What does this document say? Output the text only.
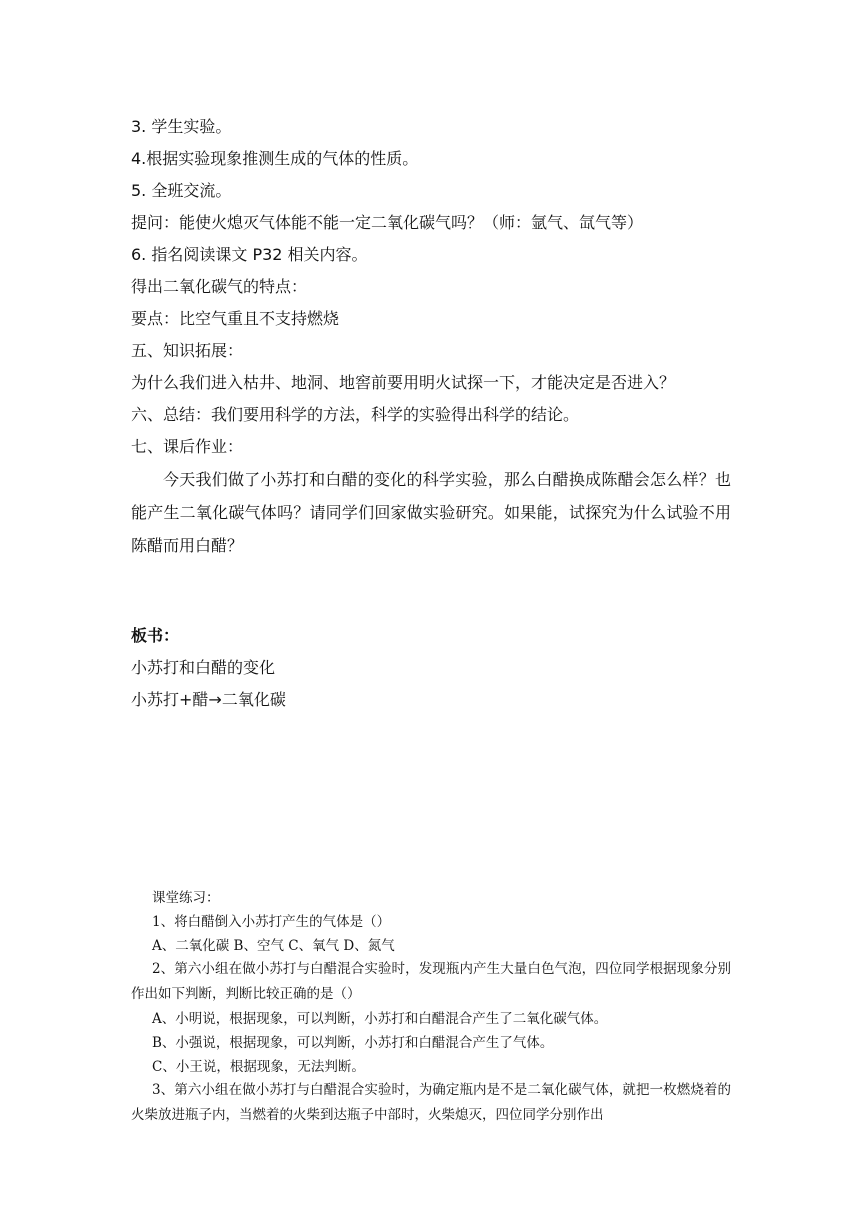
3. 学生实验。
4.根据实验现象推测生成的气体的性质。
5. 全班交流。
提问：能使火熄灭气体能不能一定二氧化碳气吗？（师：氩气、氙气等）
6. 指名阅读课文 P32 相关内容。
得出二氧化碳气的特点：
要点：比空气重且不支持燃烧
五、知识拓展：
为什么我们进入枯井、地洞、地窖前要用明火试探一下，才能决定是否进入？
六、总结：我们要用科学的方法，科学的实验得出科学的结论。
七、课后作业：
今天我们做了小苏打和白醋的变化的科学实验，那么白醋换成陈醋会怎么样？也能产生二氧化碳气体吗？请同学们回家做实验研究。如果能，试探究为什么试验不用陈醋而用白醋？
板书：
小苏打和白醋的变化
小苏打+醋→二氧化碳
课堂练习：
1、将白醋倒入小苏打产生的气体是（）
A、二氧化碳 B、空气 C、氧气 D、氮气
2、第六小组在做小苏打与白醋混合实验时，发现瓶内产生大量白色气泡，四位同学根据现象分别作出如下判断，判断比较正确的是（）
A、小明说，根据现象，可以判断，小苏打和白醋混合产生了二氧化碳气体。
B、小强说，根据现象，可以判断，小苏打和白醋混合产生了气体。
C、小王说，根据现象，无法判断。
3、第六小组在做小苏打与白醋混合实验时，为确定瓶内是不是二氧化碳气体，就把一枚燃烧着的火柴放进瓶子内，当燃着的火柴到达瓶子中部时，火柴熄灭，四位同学分别作出
